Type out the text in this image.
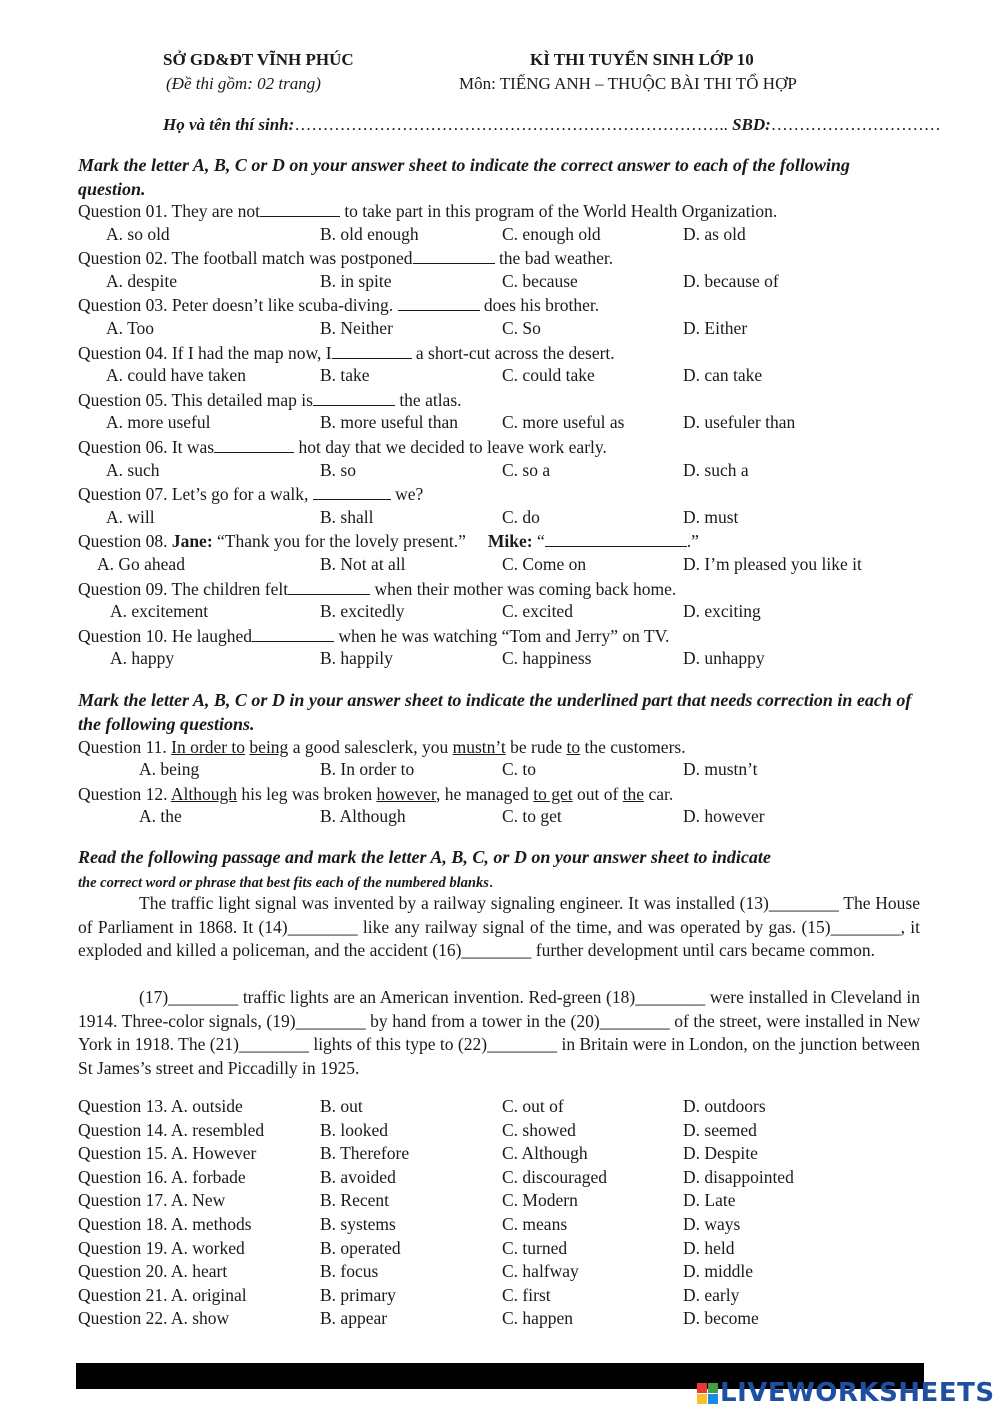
SỞ GD&ĐT VĨNH PHÚC
(Đề thi gồm: 02 trang)
KÌ THI TUYỂN SINH LỚP 10
Môn: TIẾNG ANH – THUỘC BÀI THI TỔ HỢP
Họ và tên thí sinh:………………………………………………………………….. SBD:…………………………
Mark the letter A, B, C or D on your answer sheet to indicate the correct answer to each of the following question.
Question 01. They are not	to take part in this program of the World Health Organization.
A. so old	B. old enough	C. enough old	D. as old
Question 02. The football match was postponed	the bad weather.
A. despite	B. in spite	C. because	D. because of
Question 03. Peter doesn’t like scuba-diving.	does his brother.
A. Too	B. Neither	C. So	D. Either
Question 04. If I had the map now, I	a short-cut across the desert.
A. could have taken	B. take	C. could take	D. can take
Question 05. This detailed map is	the atlas.
A. more useful	B. more useful than	C. more useful as	D. usefuler than
Question 06. It was	hot day that we decided to leave work early.
A. such	B. so	C. so a	D. such a
Question 07. Let’s go for a walk,	we?
A. will	B. shall	C. do	D. must
Question 08. Jane: “Thank you for the lovely present.” Mike: “	.”
A. Go ahead	B. Not at all	C. Come on	D. I’m pleased you like it
Question 09. The children felt	when their mother was coming back home.
A. excitement	B. excitedly	C. excited	D. exciting
Question 10. He laughed	when he was watching “Tom and Jerry” on TV.
A. happy	B. happily	C. happiness	D. unhappy
Mark the letter A, B, C or D in your answer sheet to indicate the underlined part that needs correction in each of the following questions.
Question 11. In order to being a good salesclerk, you mustn’t be rude to the customers.
A. being	B. In order to	C. to	D. mustn’t
Question 12. Although his leg was broken however, he managed to get out of the car.
A. the	B. Although	C. to get	D. however
Read the following passage and mark the letter A, B, C, or D on your answer sheet to indicate
the correct word or phrase that best fits each of the numbered blanks.
The traffic light signal was invented by a railway signaling engineer. It was installed (13)________ The House of Parliament in 1868. It (14)________ like any railway signal of the time, and was operated by gas. (15)________, it exploded and killed a policeman, and the accident (16)________ further development until cars became common.
(17)________ traffic lights are an American invention. Red-green (18)________ were installed in Cleveland in 1914. Three-color signals, (19)________ by hand from a tower in the (20)________ of the street, were installed in New York in 1918. The (21)________ lights of this type to (22)________ in Britain were in London, on the junction between St James’s street and Piccadilly in 1925.
Question 13. A. outside	B. out	C. out of	D. outdoors
Question 14. A. resembled	B. looked	C. showed	D. seemed
Question 15. A. However	B. Therefore	C. Although	D. Despite
Question 16. A. forbade	B. avoided	C. discouraged	D. disappointed
Question 17. A. New	B. Recent	C. Modern	D. Late
Question 18. A. methods	B. systems	C. means	D. ways
Question 19. A. worked	B. operated	C. turned	D. held
Question 20. A. heart	B. focus	C. halfway	D. middle
Question 21. A. original	B. primary	C. first	D. early
Question 22. A. show	B. appear	C. happen	D. become
LIVEWORKSHEETS
